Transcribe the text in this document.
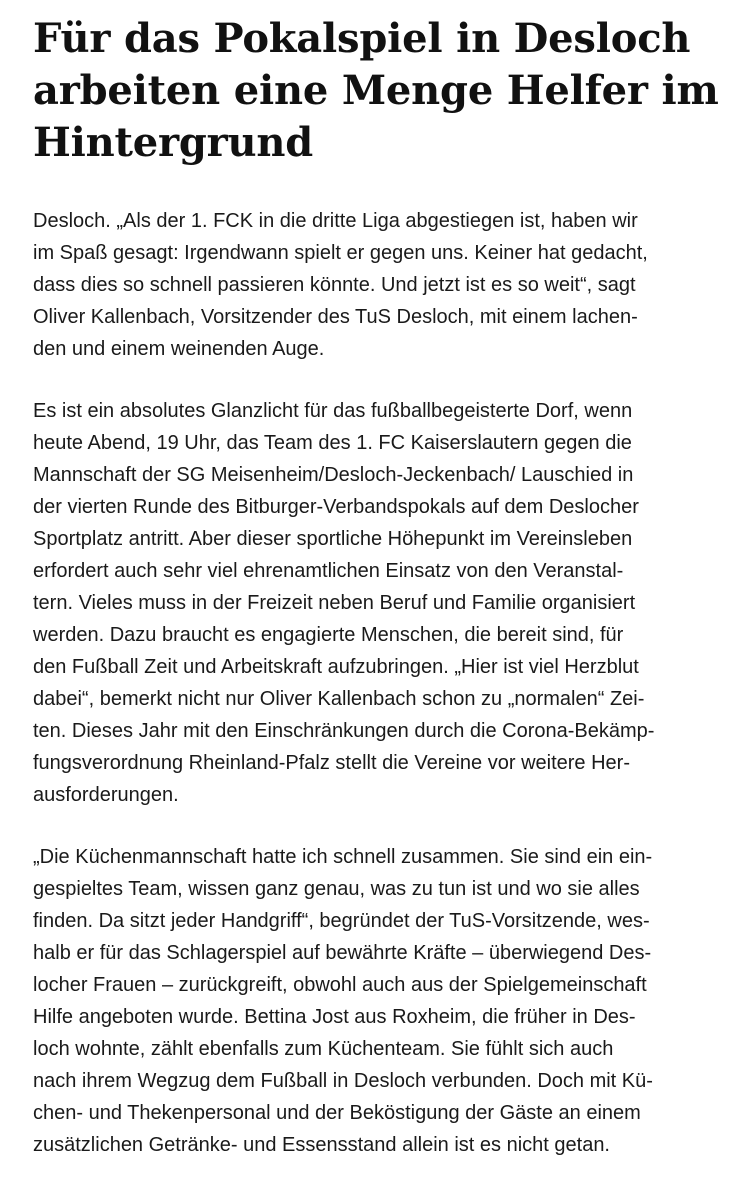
Für das Pokalspiel in Desloch
arbeiten eine Menge Helfer im
Hintergrund

Desloch. „Als der 1. FCK in die dritte Liga abgestiegen ist, haben wir
im Spaß gesagt: Irgendwann spielt er gegen uns. Keiner hat gedacht,
dass dies so schnell passieren könnte. Und jetzt ist es so weit“, sagt
Oliver Kallenbach, Vorsitzender des TuS Desloch, mit einem lachen-
den und einem weinenden Auge.

Es ist ein absolutes Glanzlicht für das fußballbegeisterte Dorf, wenn
heute Abend, 19 Uhr, das Team des 1. FC Kaiserslautern gegen die
Mannschaft der SG Meisenheim/Desloch-Jeckenbach/ Lauschied in
der vierten Runde des Bitburger-Verbandspokals auf dem Deslocher
Sportplatz antritt. Aber dieser sportliche Höhepunkt im Vereinsleben
erfordert auch sehr viel ehrenamtlichen Einsatz von den Veranstal-
tern. Vieles muss in der Freizeit neben Beruf und Familie organisiert
werden. Dazu braucht es engagierte Menschen, die bereit sind, für
den Fußball Zeit und Arbeitskraft aufzubringen. „Hier ist viel Herzblut
dabei“, bemerkt nicht nur Oliver Kallenbach schon zu „normalen“ Zei-
ten. Dieses Jahr mit den Einschränkungen durch die Corona-Bekämp-
fungsverordnung Rheinland-Pfalz stellt die Vereine vor weitere Her-
ausforderungen.

„Die Küchenmannschaft hatte ich schnell zusammen. Sie sind ein ein-
gespieltes Team, wissen ganz genau, was zu tun ist und wo sie alles
finden. Da sitzt jeder Handgriff“, begründet der TuS-Vorsitzende, wes-
halb er für das Schlagerspiel auf bewährte Kräfte – überwiegend Des-
locher Frauen – zurückgreift, obwohl auch aus der Spielgemeinschaft
Hilfe angeboten wurde. Bettina Jost aus Roxheim, die früher in Des-
loch wohnte, zählt ebenfalls zum Küchenteam. Sie fühlt sich auch
nach ihrem Wegzug dem Fußball in Desloch verbunden. Doch mit Kü-
chen- und Thekenpersonal und der Beköstigung der Gäste an einem
zusätzlichen Getränke- und Essensstand allein ist es nicht getan.
